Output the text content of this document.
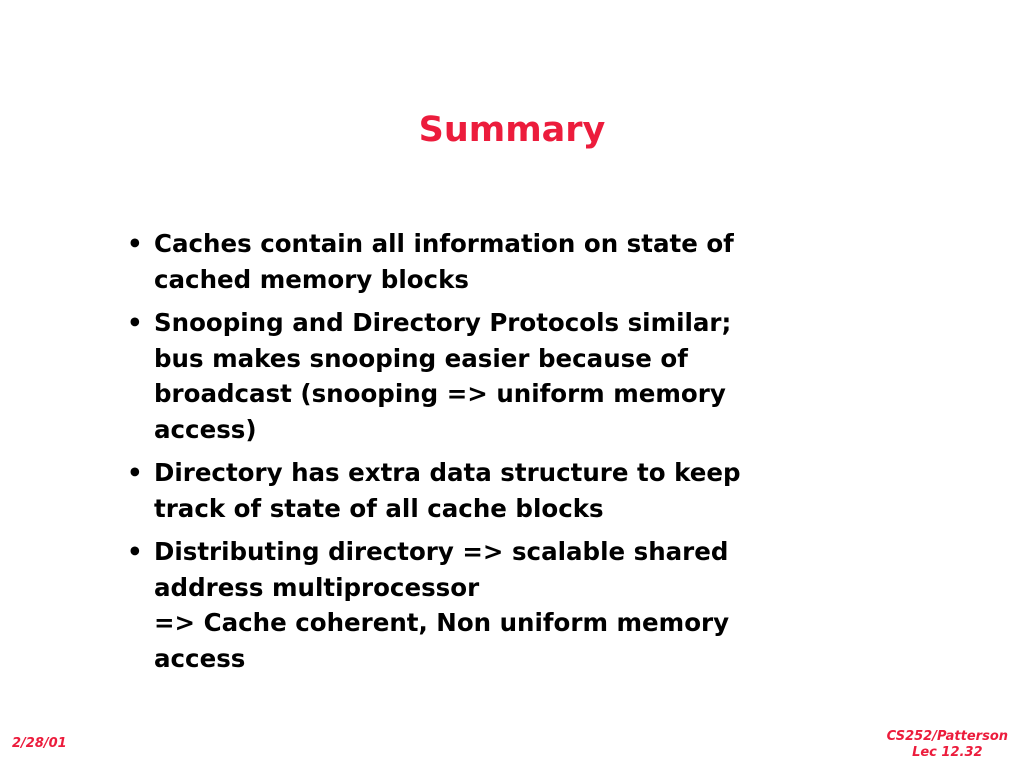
Summary
• Caches contain all information on state of
cached memory blocks
• Snooping and Directory Protocols similar;
bus makes snooping easier because of
broadcast (snooping => uniform memory
access)
• Directory has extra data structure to keep
track of state of all cache blocks
• Distributing directory => scalable shared
address multiprocessor
=> Cache coherent, Non uniform memory
access
2/28/01	CS252/Patterson
Lec 12.32
